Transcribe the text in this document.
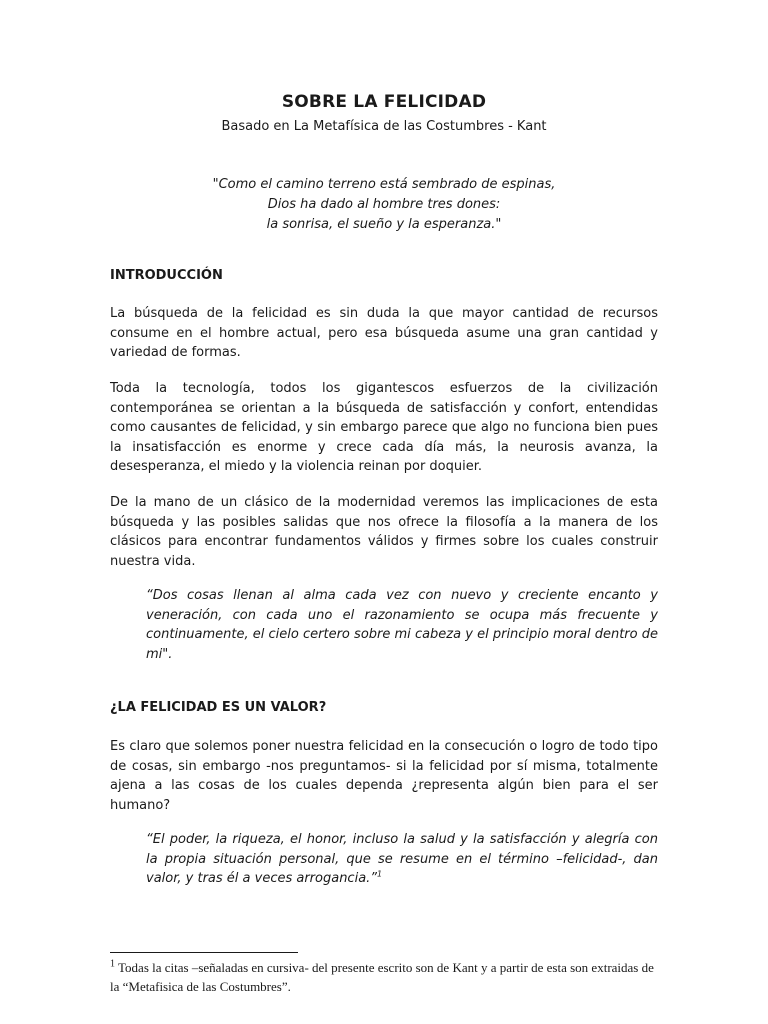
SOBRE LA FELICIDAD
Basado en La Metafísica de las Costumbres - Kant
"Como el camino terreno está sembrado de espinas,
Dios ha dado al hombre tres dones:
la sonrisa, el sueño y la esperanza."
INTRODUCCIÓN
La búsqueda de la felicidad es sin duda la que mayor cantidad de recursos consume en el hombre actual, pero esa búsqueda asume una gran cantidad y variedad de formas.
Toda la tecnología, todos los gigantescos esfuerzos de la civilización contemporánea se orientan a la búsqueda de satisfacción y confort, entendidas como causantes de felicidad, y sin embargo parece que algo no funciona bien pues la insatisfacción es enorme y crece cada día más, la neurosis avanza, la desesperanza, el miedo y la violencia reinan por doquier.
De la mano de un clásico de la modernidad veremos las implicaciones de esta búsqueda y las posibles salidas que nos ofrece la filosofía a la manera de los clásicos para encontrar fundamentos válidos y firmes sobre los cuales construir nuestra vida.
“Dos cosas llenan al alma cada vez con nuevo y creciente encanto y veneración, con cada uno el razonamiento se ocupa más frecuente y continuamente, el cielo certero sobre mi cabeza y el principio moral dentro de mi".
¿LA FELICIDAD ES UN VALOR?
Es claro que solemos poner nuestra felicidad en la consecución o logro de todo tipo de cosas, sin embargo -nos preguntamos- si la felicidad por sí misma, totalmente ajena a las cosas de los cuales dependa ¿representa algún bien para el ser humano?
“El poder, la riqueza, el honor, incluso la salud y la satisfacción y alegría con la propia situación personal, que se resume en el término –felicidad-, dan valor, y tras él a veces arrogancia.”$^1$
$^1$ Todas la citas –señaladas en cursiva- del presente escrito son de Kant y a partir de esta son extraidas de la “Metafisica de las Costumbres”.
